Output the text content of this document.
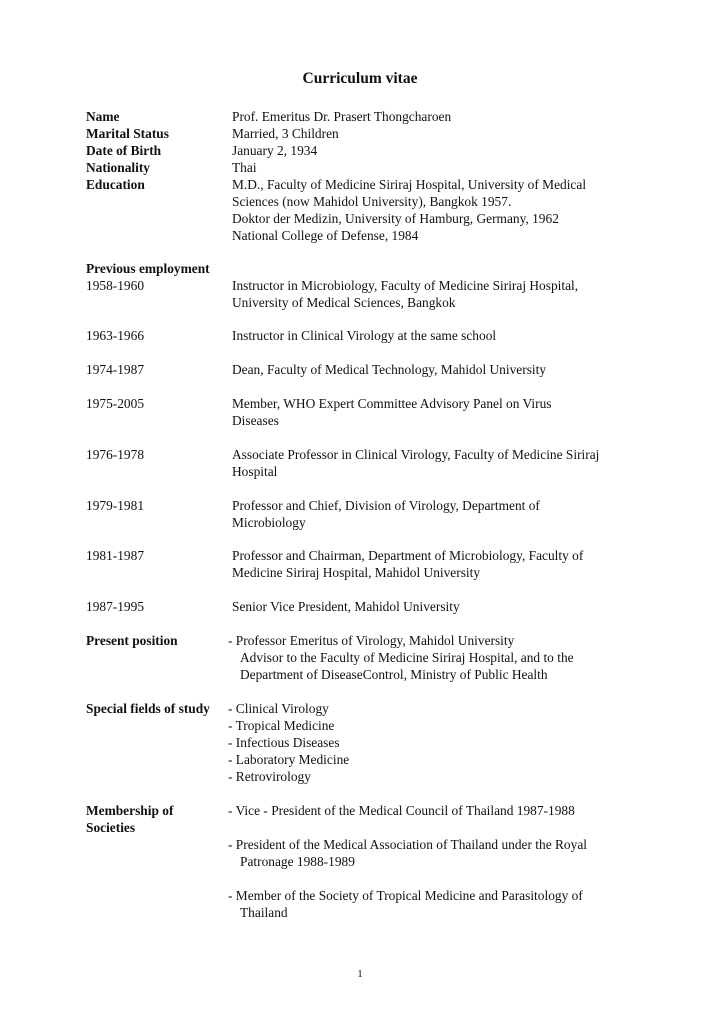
Curriculum vitae
Name	Prof. Emeritus Dr. Prasert Thongcharoen
Marital Status	Married, 3 Children
Date of Birth	January 2, 1934
Nationality	Thai
Education	M.D., Faculty of Medicine Siriraj Hospital, University of Medical
Sciences (now Mahidol University), Bangkok 1957.
Doktor der Medizin, University of Hamburg, Germany, 1962
National College of Defense, 1984
Previous employment
1958-1960	Instructor in Microbiology, Faculty of Medicine Siriraj Hospital,
University of Medical Sciences, Bangkok
1963-1966	Instructor in Clinical Virology at the same school
1974-1987	Dean, Faculty of Medical Technology, Mahidol University
1975-2005	Member, WHO Expert Committee Advisory Panel on Virus
Diseases
1976-1978	Associate Professor in Clinical Virology, Faculty of Medicine Siriraj
Hospital
1979-1981	Professor and Chief, Division of Virology, Department of
Microbiology
1981-1987	Professor and Chairman, Department of Microbiology, Faculty of
Medicine Siriraj Hospital, Mahidol University
1987-1995	Senior Vice President, Mahidol University
Present position	- Professor Emeritus of Virology, Mahidol University
Advisor to the Faculty of Medicine Siriraj Hospital, and to the
Department of DiseaseControl, Ministry of Public Health
Special fields of study - Clinical Virology
- Tropical Medicine
- Infectious Diseases
- Laboratory Medicine
- Retrovirology
Membership of
Societies
- Vice - President of the Medical Council of Thailand 1987-1988
- President of the Medical Association of Thailand under the Royal
Patronage 1988-1989
- Member of the Society of Tropical Medicine and Parasitology of
Thailand
1
